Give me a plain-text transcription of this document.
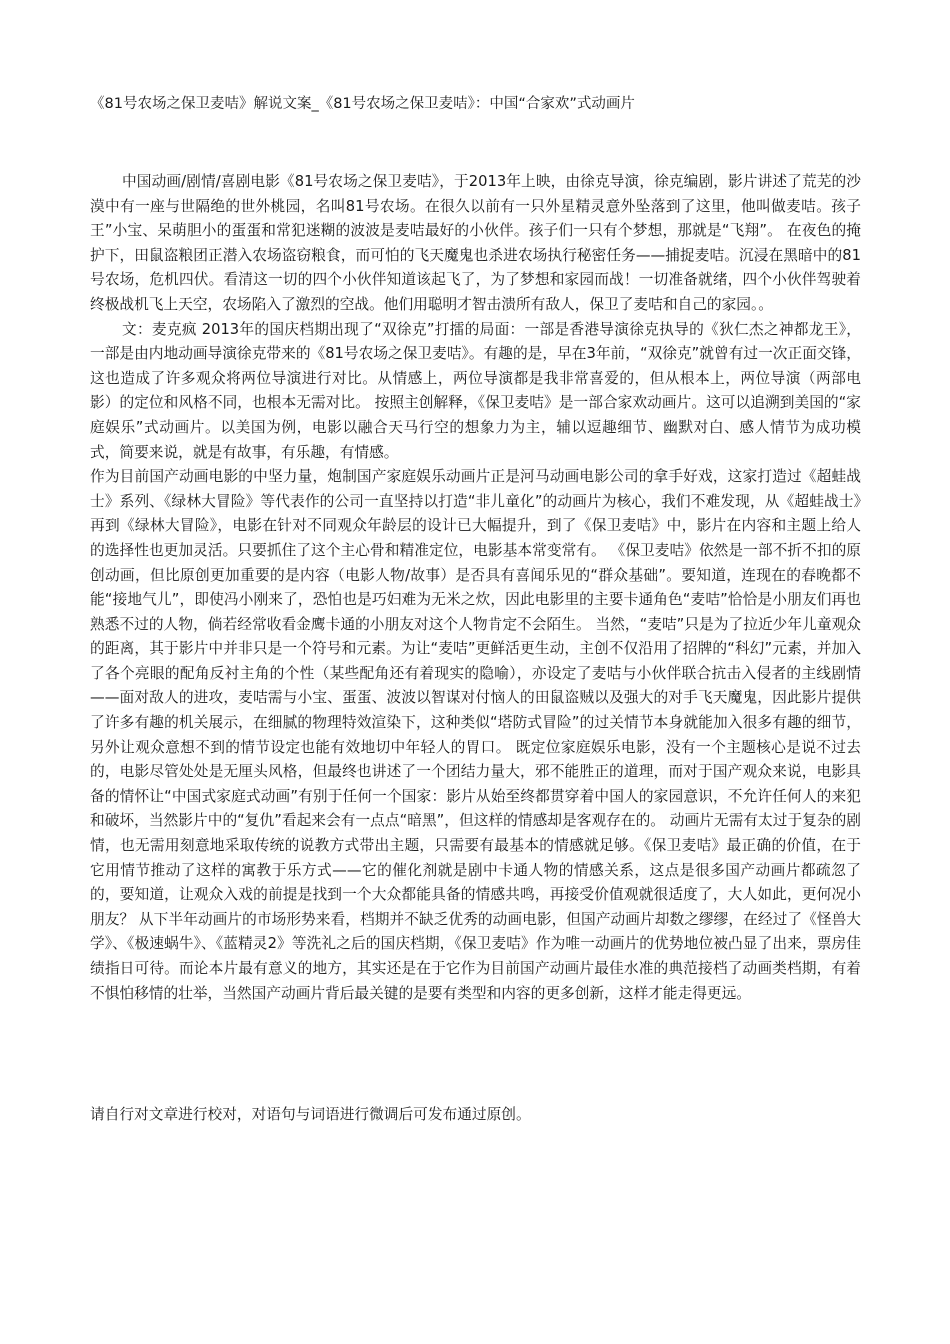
《81号农场之保卫麦咭》解说文案_《81号农场之保卫麦咭》：中国“合家欢”式动画片

中国动画/剧情/喜剧电影《81号农场之保卫麦咭》，于2013年上映，由徐克导演，徐克编剧，影片讲述了荒芜的沙漠中有一座与世隔绝的世外桃园，名叫81号农场。在很久以前有一只外星精灵意外坠落到了这里，他叫做麦咭。孩子王”小宝、呆萌胆小的蛋蛋和常犯迷糊的波波是麦咭最好的小伙伴。孩子们一只有个梦想，那就是“飞翔”。 在夜色的掩护下，田鼠盗粮团正潜入农场盗窃粮食，而可怕的飞天魔鬼也杀进农场执行秘密任务——捕捉麦咭。沉浸在黑暗中的81号农场，危机四伏。看清这一切的四个小伙伴知道该起飞了，为了梦想和家园而战！一切准备就绪，四个小伙伴驾驶着终极战机飞上天空，农场陷入了激烈的空战。他们用聪明才智击溃所有敌人，保卫了麦咭和自己的家园。。

文：麦克疯 2013年的国庆档期出现了“双徐克”打擂的局面：一部是香港导演徐克执导的《狄仁杰之神都龙王》，一部是由内地动画导演徐克带来的《81号农场之保卫麦咭》。有趣的是，早在3年前，“双徐克”就曾有过一次正面交锋，这也造成了许多观众将两位导演进行对比。从情感上，两位导演都是我非常喜爱的，但从根本上，两位导演（两部电影）的定位和风格不同，也根本无需对比。 按照主创解释，《保卫麦咭》是一部合家欢动画片。这可以追溯到美国的“家庭娱乐”式动画片。以美国为例，电影以融合天马行空的想象力为主，辅以逗趣细节、幽默对白、感人情节为成功模式，简要来说，就是有故事，有乐趣，有情感。

作为目前国产动画电影的中坚力量，炮制国产家庭娱乐动画片正是河马动画电影公司的拿手好戏，这家打造过《超蛙战士》系列、《绿林大冒险》等代表作的公司一直坚持以打造“非儿童化”的动画片为核心，我们不难发现，从《超蛙战士》再到《绿林大冒险》，电影在针对不同观众年龄层的设计已大幅提升，到了《保卫麦咭》中，影片在内容和主题上给人的选择性也更加灵活。只要抓住了这个主心骨和精准定位，电影基本常变常有。 《保卫麦咭》依然是一部不折不扣的原创动画，但比原创更加重要的是内容（电影人物/故事）是否具有喜闻乐见的“群众基础”。要知道，连现在的春晚都不能“接地气儿”，即使冯小刚来了，恐怕也是巧妇难为无米之炊，因此电影里的主要卡通角色“麦咭”恰恰是小朋友们再也熟悉不过的人物，倘若经常收看金鹰卡通的小朋友对这个人物肯定不会陌生。 当然，“麦咭”只是为了拉近少年儿童观众的距离，其于影片中并非只是一个符号和元素。为让“麦咭”更鲜活更生动，主创不仅沿用了招牌的“科幻”元素，并加入了各个亮眼的配角反衬主角的个性（某些配角还有着现实的隐喻），亦设定了麦咭与小伙伴联合抗击入侵者的主线剧情——面对敌人的进攻，麦咭需与小宝、蛋蛋、波波以智谋对付恼人的田鼠盗贼以及强大的对手飞天魔鬼，因此影片提供了许多有趣的机关展示，在细腻的物理特效渲染下，这种类似“塔防式冒险”的过关情节本身就能加入很多有趣的细节，另外让观众意想不到的情节设定也能有效地切中年轻人的胃口。 既定位家庭娱乐电影，没有一个主题核心是说不过去的，电影尽管处处是无厘头风格，但最终也讲述了一个团结力量大，邪不能胜正的道理，而对于国产观众来说，电影具备的情怀让“中国式家庭式动画”有别于任何一个国家：影片从始至终都贯穿着中国人的家园意识，不允许任何人的来犯和破坏，当然影片中的“复仇”看起来会有一点点“暗黑”，但这样的情感却是客观存在的。 动画片无需有太过于复杂的剧情，也无需用刻意地采取传统的说教方式带出主题，只需要有最基本的情感就足够。《保卫麦咭》最正确的价值，在于它用情节推动了这样的寓教于乐方式——它的催化剂就是剧中卡通人物的情感关系，这点是很多国产动画片都疏忽了的，要知道，让观众入戏的前提是找到一个大众都能具备的情感共鸣，再接受价值观就很适度了，大人如此，更何况小朋友？ 从下半年动画片的市场形势来看，档期并不缺乏优秀的动画电影，但国产动画片却数之缪缪，在经过了《怪兽大学》、《极速蜗牛》、《蓝精灵2》等洗礼之后的国庆档期，《保卫麦咭》作为唯一动画片的优势地位被凸显了出来，票房佳绩指日可待。而论本片最有意义的地方，其实还是在于它作为目前国产动画片最佳水准的典范接档了动画类档期，有着不惧怕移情的壮举，当然国产动画片背后最关键的是要有类型和内容的更多创新，这样才能走得更远。

请自行对文章进行校对，对语句与词语进行微调后可发布通过原创。
